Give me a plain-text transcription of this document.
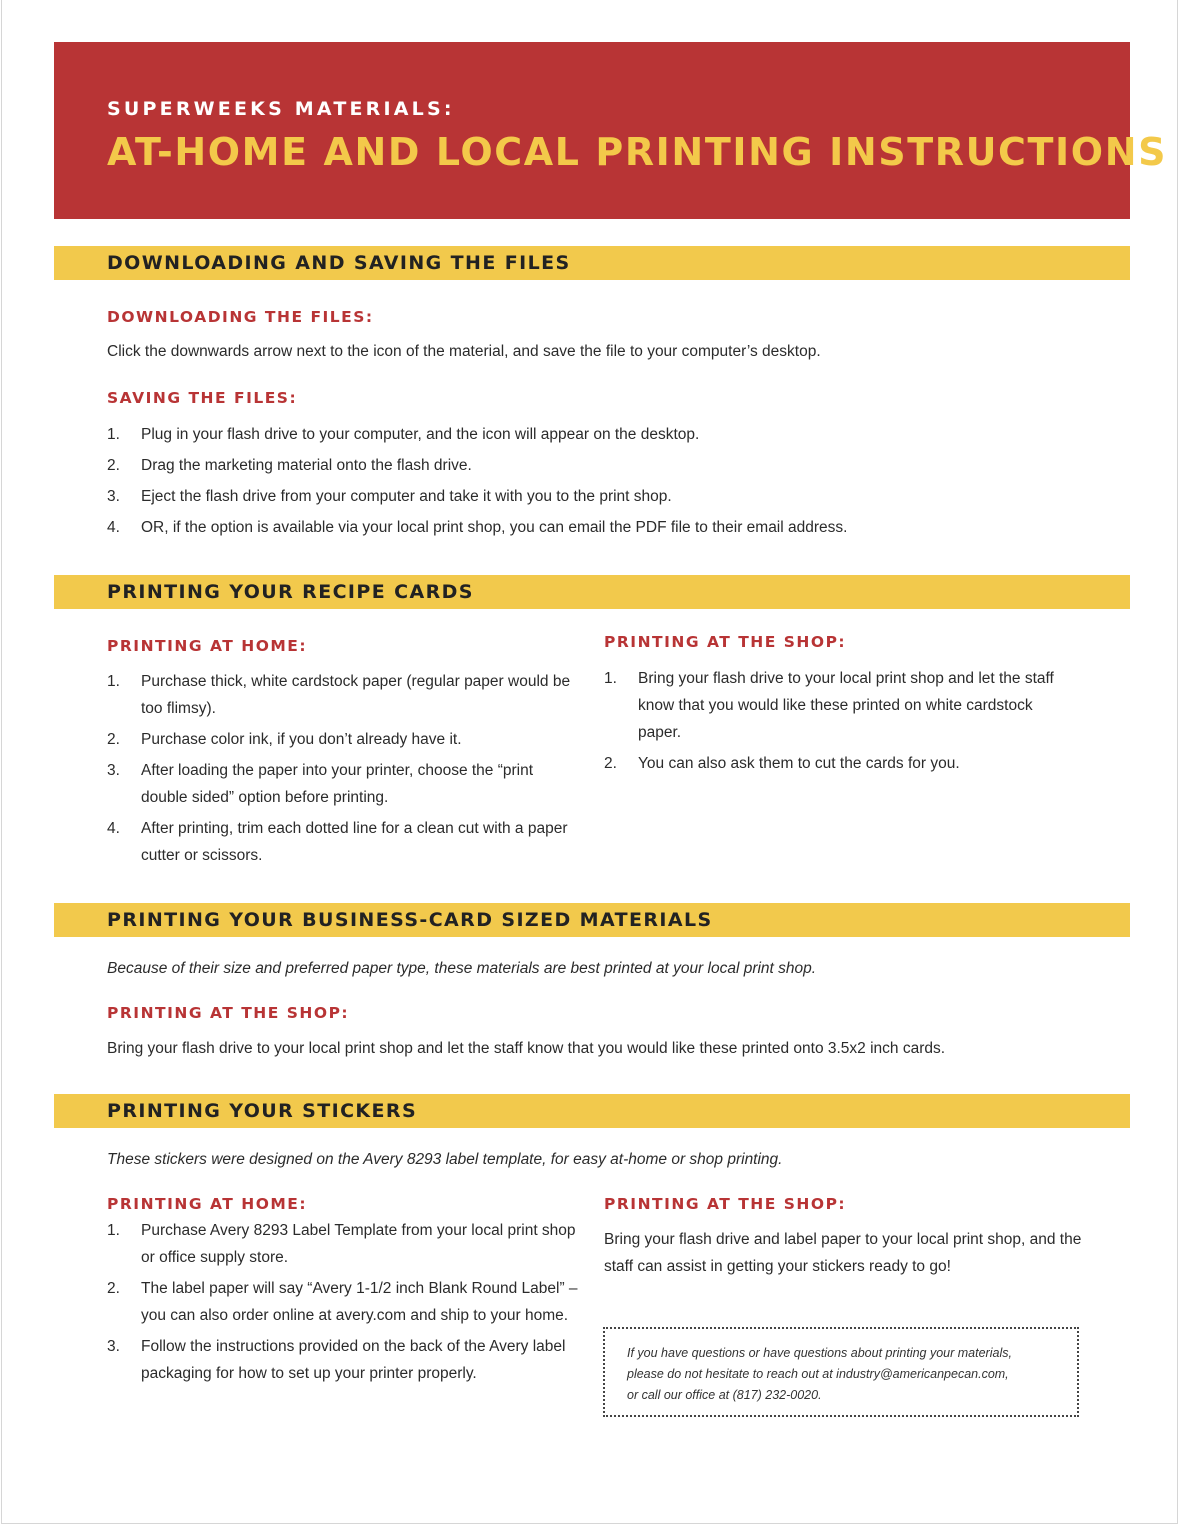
SUPERWEEKS MATERIALS:
AT-HOME AND LOCAL PRINTING INSTRUCTIONS
DOWNLOADING AND SAVING THE FILES
DOWNLOADING THE FILES:
Click the downwards arrow next to the icon of the material, and save the file to your computer’s desktop.
SAVING THE FILES:
1. Plug in your flash drive to your computer, and the icon will appear on the desktop.
2. Drag the marketing material onto the flash drive.
3. Eject the flash drive from your computer and take it with you to the print shop.
4. OR, if the option is available via your local print shop, you can email the PDF file to their email address.
PRINTING YOUR RECIPE CARDS
PRINTING AT HOME:
1. Purchase thick, white cardstock paper (regular paper would be too flimsy).
2. Purchase color ink, if you don’t already have it.
3. After loading the paper into your printer, choose the “print double sided” option before printing.
4. After printing, trim each dotted line for a clean cut with a paper cutter or scissors.
PRINTING AT THE SHOP:
1. Bring your flash drive to your local print shop and let the staff know that you would like these printed on white cardstock paper.
2. You can also ask them to cut the cards for you.
PRINTING YOUR BUSINESS-CARD SIZED MATERIALS
Because of their size and preferred paper type, these materials are best printed at your local print shop.
PRINTING AT THE SHOP:
Bring your flash drive to your local print shop and let the staff know that you would like these printed onto 3.5x2 inch cards.
PRINTING YOUR STICKERS
These stickers were designed on the Avery 8293 label template, for easy at-home or shop printing.
PRINTING AT HOME:
1. Purchase Avery 8293 Label Template from your local print shop or office supply store.
2. The label paper will say “Avery 1-1/2 inch Blank Round Label” – you can also order online at avery.com and ship to your home.
3. Follow the instructions provided on the back of the Avery label packaging for how to set up your printer properly.
PRINTING AT THE SHOP:
Bring your flash drive and label paper to your local print shop, and the staff can assist in getting your stickers ready to go!
If you have questions or have questions about printing your materials,
please do not hesitate to reach out at industry@americanpecan.com,
or call our office at (817) 232-0020.
